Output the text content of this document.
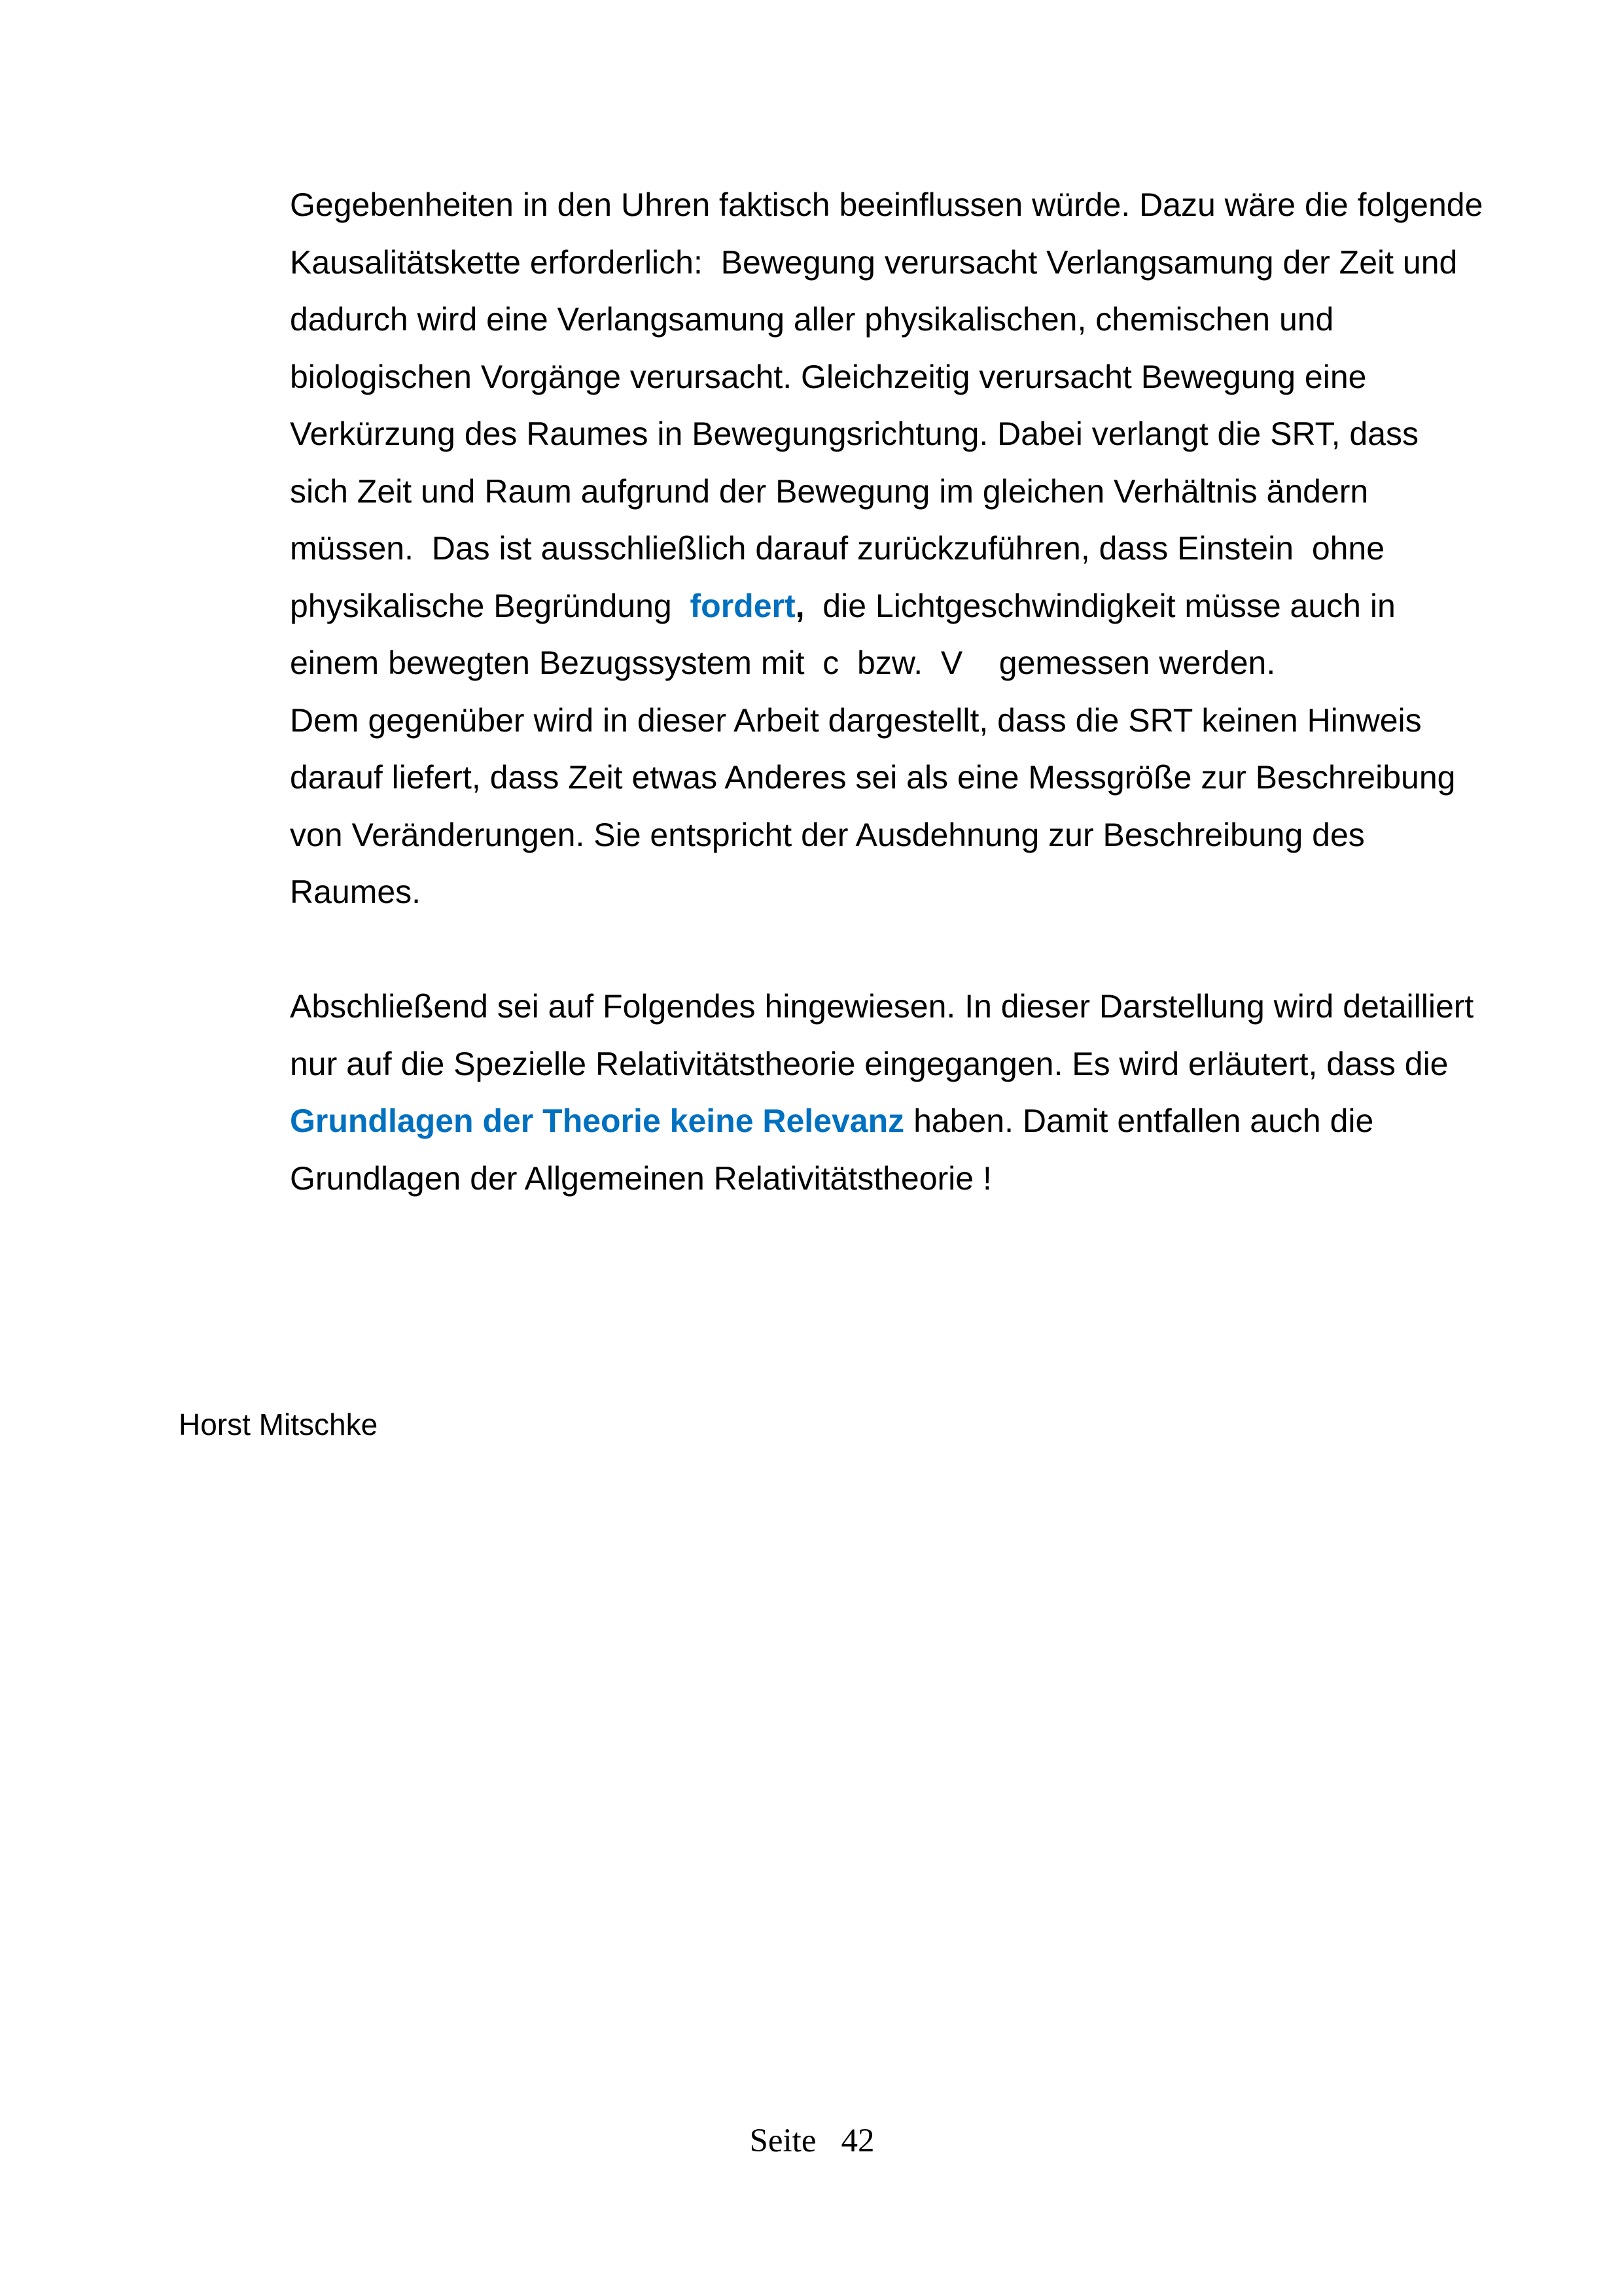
Gegebenheiten in den Uhren faktisch beeinflussen würde. Dazu wäre die folgende
Kausalitätskette erforderlich:  Bewegung verursacht Verlangsamung der Zeit und
dadurch wird eine Verlangsamung aller physikalischen, chemischen und
biologischen Vorgänge verursacht. Gleichzeitig verursacht Bewegung eine
Verkürzung des Raumes in Bewegungsrichtung. Dabei verlangt die SRT, dass
sich Zeit und Raum aufgrund der Bewegung im gleichen Verhältnis ändern
müssen.  Das ist ausschließlich darauf zurückzuführen, dass Einstein  ohne
physikalische Begründung  fordert,  die Lichtgeschwindigkeit müsse auch in
einem bewegten Bezugssystem mit  c  bzw.  V    gemessen werden.
Dem gegenüber wird in dieser Arbeit dargestellt, dass die SRT keinen Hinweis
darauf liefert, dass Zeit etwas Anderes sei als eine Messgröße zur Beschreibung
von Veränderungen. Sie entspricht der Ausdehnung zur Beschreibung des
Raumes.
Abschließend sei auf Folgendes hingewiesen. In dieser Darstellung wird detailliert
nur auf die Spezielle Relativitätstheorie eingegangen. Es wird erläutert, dass die
Grundlagen der Theorie keine Relevanz haben. Damit entfallen auch die
Grundlagen der Allgemeinen Relativitätstheorie !
Horst Mitschke
Seite 42
